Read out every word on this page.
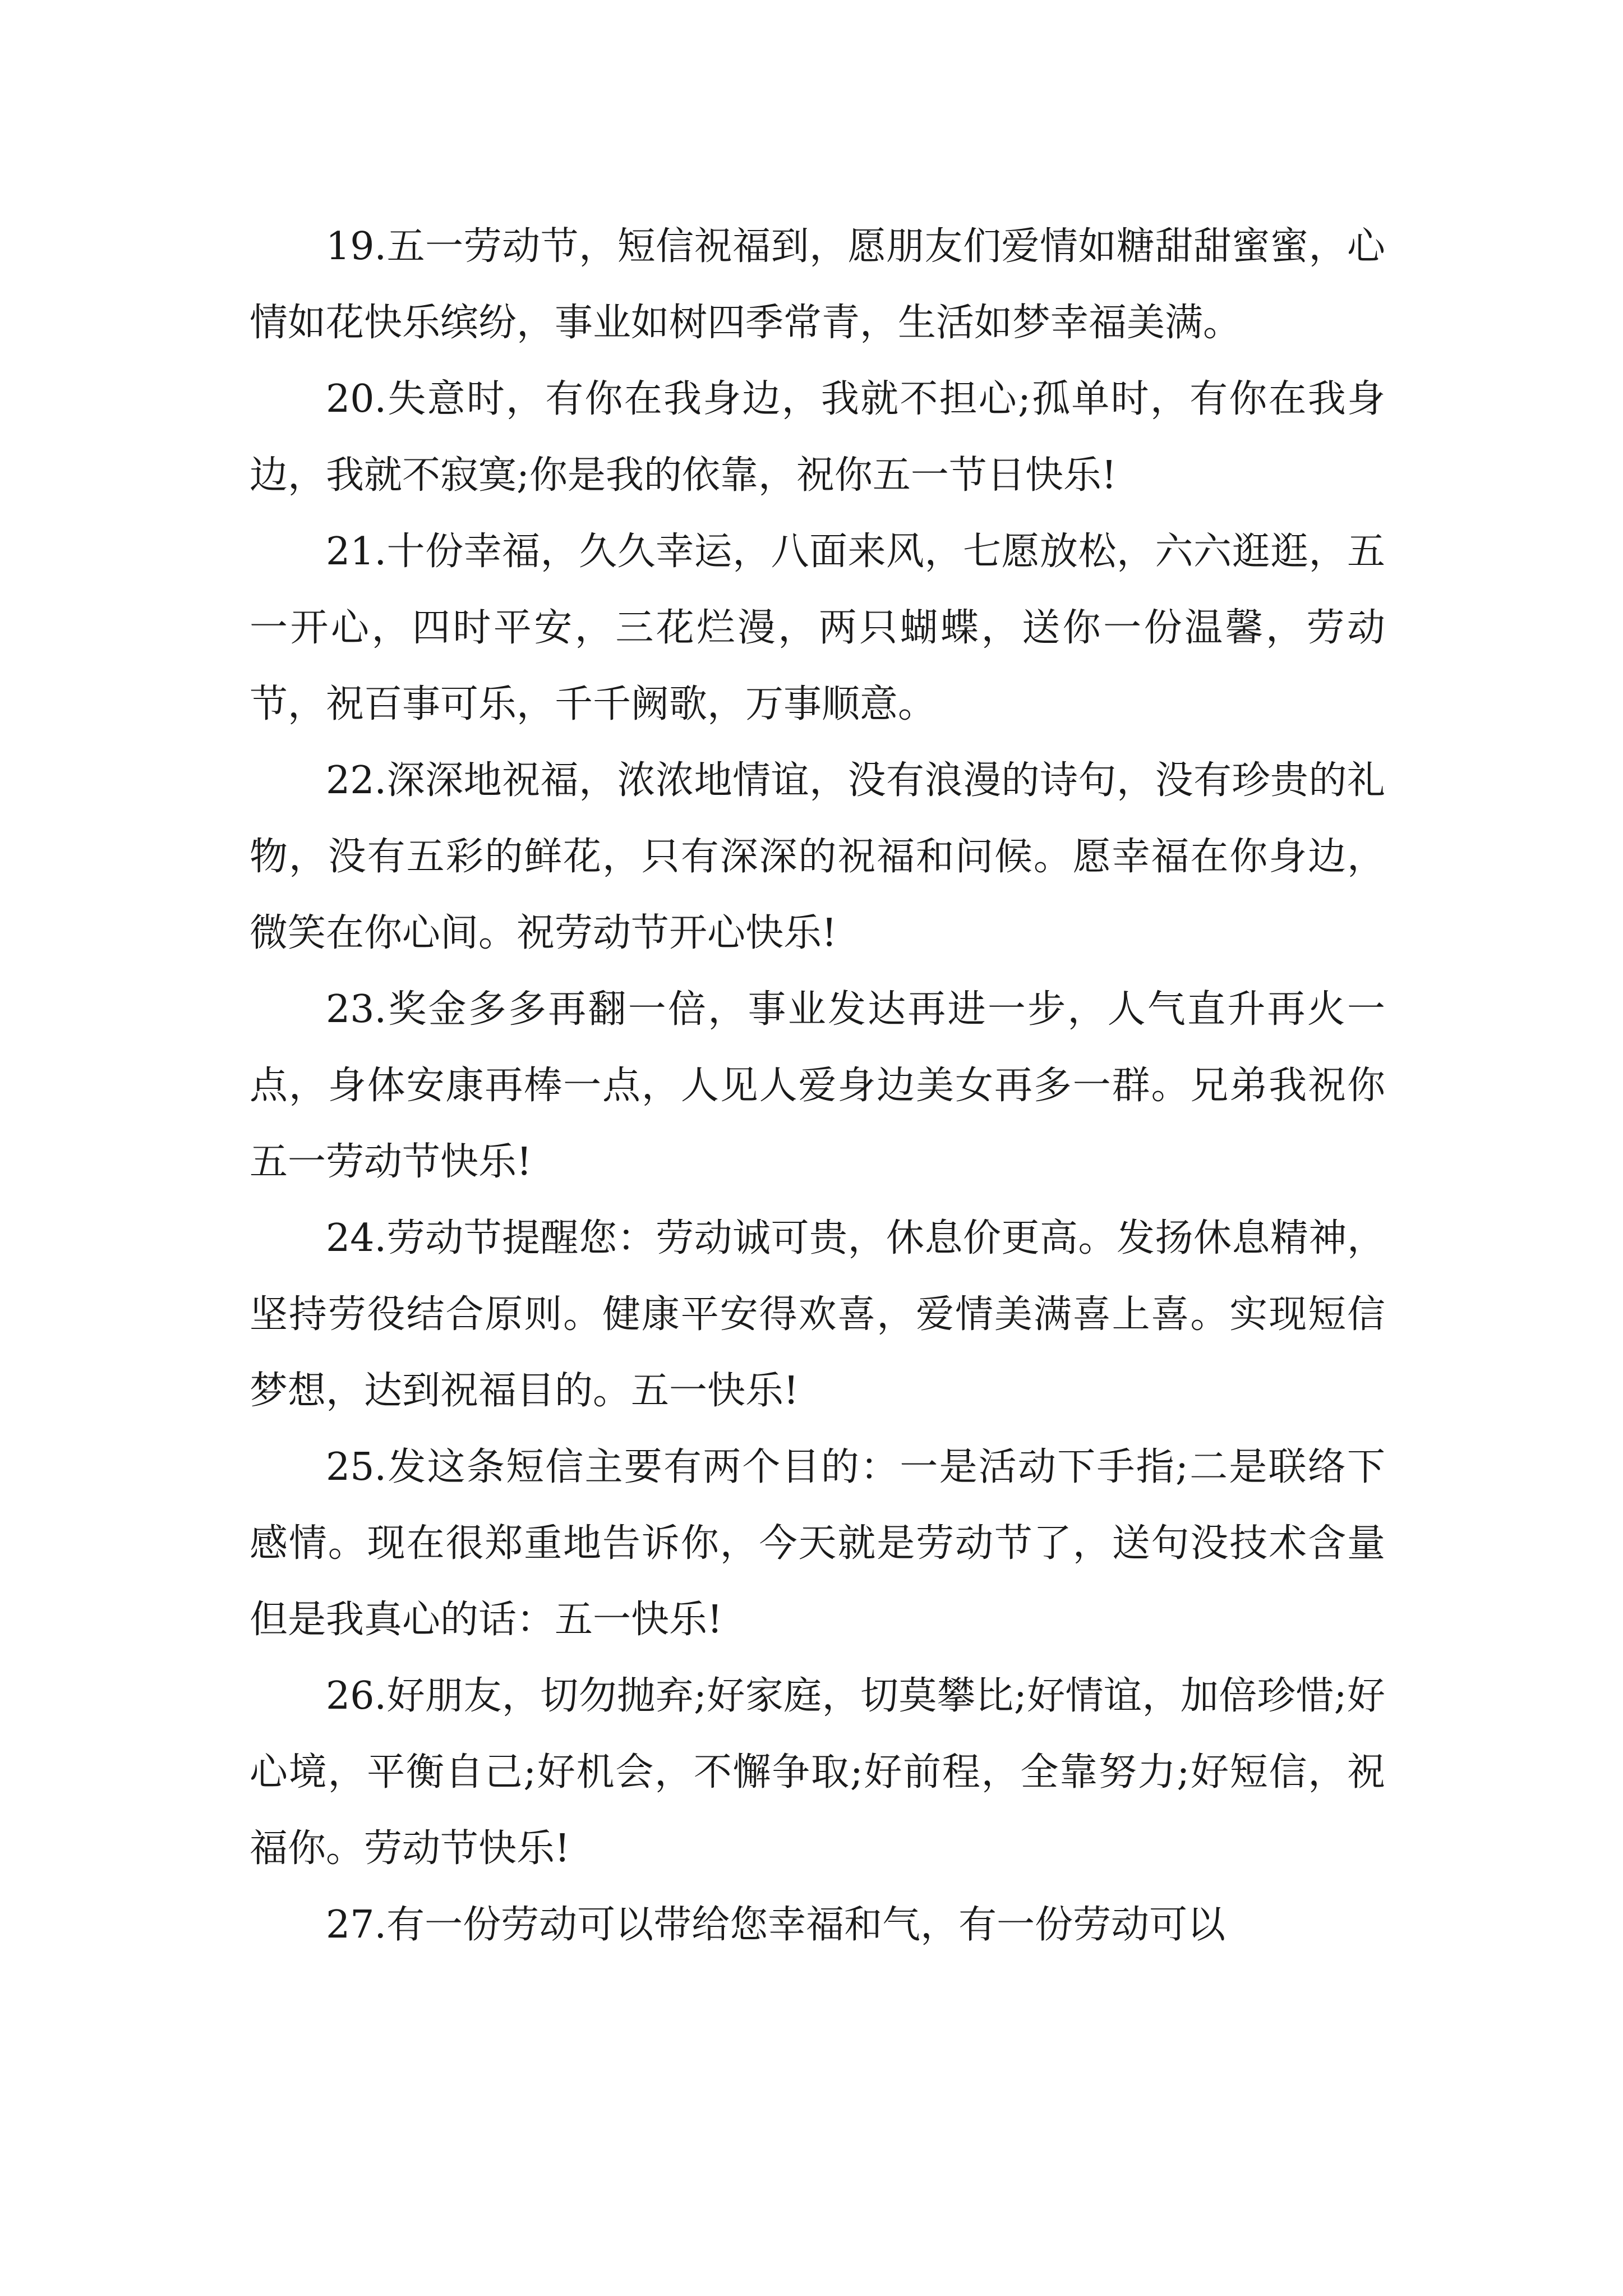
19.五一劳动节，短信祝福到，愿朋友们爱情如糖甜甜蜜蜜，心情如花快乐缤纷，事业如树四季常青，生活如梦幸福美满。

20.失意时，有你在我身边，我就不担心;孤单时，有你在我身边，我就不寂寞;你是我的依靠，祝你五一节日快乐!

21.十份幸福，久久幸运，八面来风，七愿放松，六六逛逛，五一开心，四时平安，三花烂漫，两只蝴蝶，送你一份温馨，劳动节，祝百事可乐，千千阙歌，万事顺意。

22.深深地祝福，浓浓地情谊，没有浪漫的诗句，没有珍贵的礼物，没有五彩的鲜花，只有深深的祝福和问候。愿幸福在你身边，微笑在你心间。祝劳动节开心快乐!

23.奖金多多再翻一倍，事业发达再进一步，人气直升再火一点，身体安康再棒一点，人见人爱身边美女再多一群。兄弟我祝你五一劳动节快乐!

24.劳动节提醒您：劳动诚可贵，休息价更高。发扬休息精神，坚持劳役结合原则。健康平安得欢喜，爱情美满喜上喜。实现短信梦想，达到祝福目的。五一快乐!

25.发这条短信主要有两个目的：一是活动下手指;二是联络下感情。现在很郑重地告诉你，今天就是劳动节了，送句没技术含量但是我真心的话：五一快乐!

26.好朋友，切勿抛弃;好家庭，切莫攀比;好情谊，加倍珍惜;好心境，平衡自己;好机会，不懈争取;好前程，全靠努力;好短信，祝福你。劳动节快乐!

27.有一份劳动可以带给您幸福和气，有一份劳动可以
